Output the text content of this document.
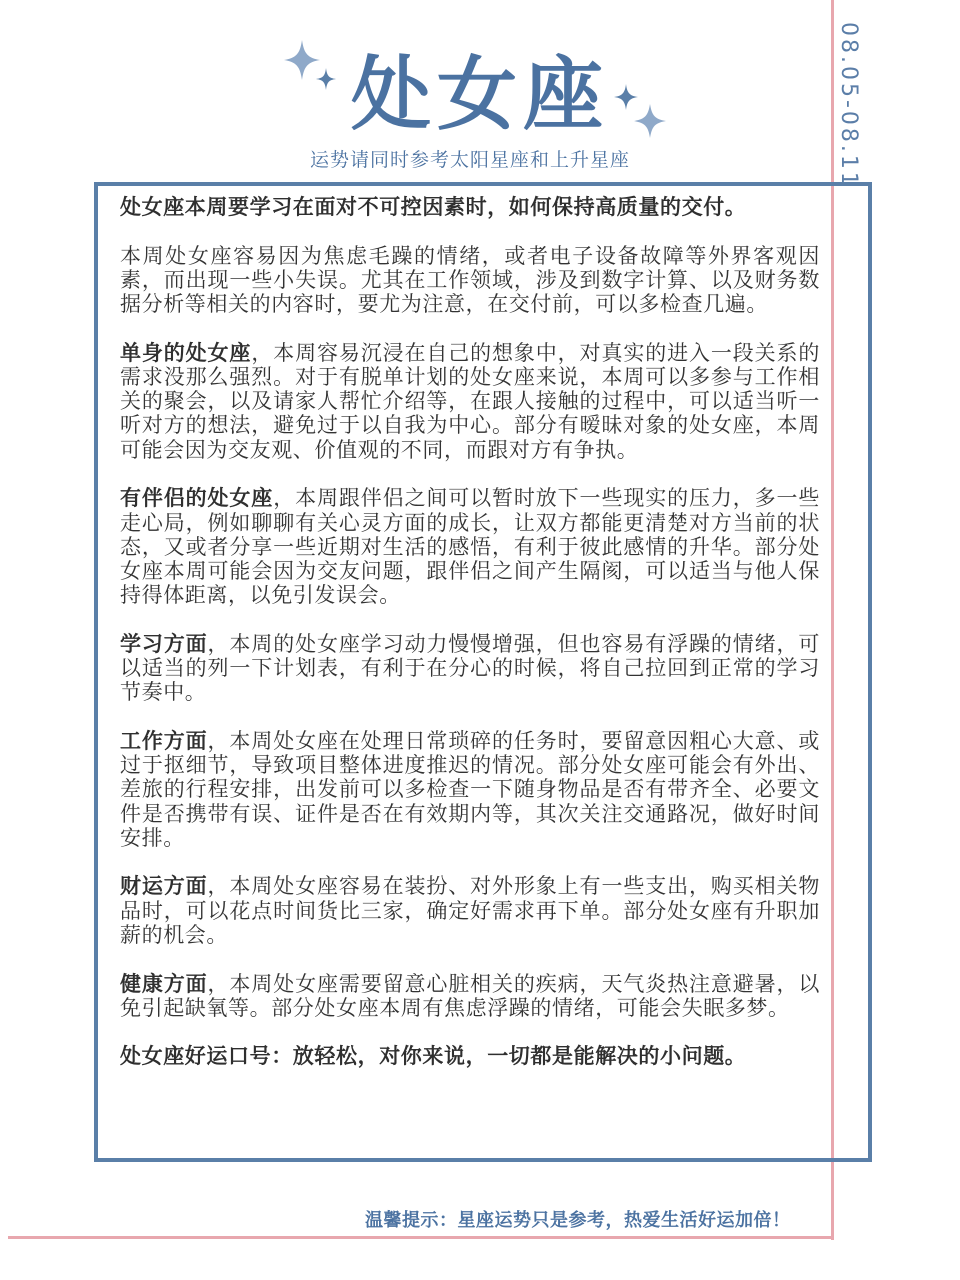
08.05-08.11
处女座
运势请同时参考太阳星座和上升星座

处女座本周要学习在面对不可控因素时，如何保持高质量的交付。

本周处女座容易因为焦虑毛躁的情绪，或者电子设备故障等外界客观因素，而出现一些小失误。尤其在工作领域，涉及到数字计算、以及财务数据分析等相关的内容时，要尤为注意，在交付前，可以多检查几遍。

单身的处女座，本周容易沉浸在自己的想象中，对真实的进入一段关系的需求没那么强烈。对于有脱单计划的处女座来说，本周可以多参与工作相关的聚会，以及请家人帮忙介绍等，在跟人接触的过程中，可以适当听一听对方的想法，避免过于以自我为中心。部分有暧昧对象的处女座，本周可能会因为交友观、价值观的不同，而跟对方有争执。

有伴侣的处女座，本周跟伴侣之间可以暂时放下一些现实的压力，多一些走心局，例如聊聊有关心灵方面的成长，让双方都能更清楚对方当前的状态，又或者分享一些近期对生活的感悟，有利于彼此感情的升华。部分处女座本周可能会因为交友问题，跟伴侣之间产生隔阂，可以适当与他人保持得体距离，以免引发误会。

学习方面，本周的处女座学习动力慢慢增强，但也容易有浮躁的情绪，可以适当的列一下计划表，有利于在分心的时候，将自己拉回到正常的学习节奏中。

工作方面，本周处女座在处理日常琐碎的任务时，要留意因粗心大意、或过于抠细节，导致项目整体进度推迟的情况。部分处女座可能会有外出、差旅的行程安排，出发前可以多检查一下随身物品是否有带齐全、必要文件是否携带有误、证件是否在有效期内等，其次关注交通路况，做好时间安排。

财运方面，本周处女座容易在装扮、对外形象上有一些支出，购买相关物品时，可以花点时间货比三家，确定好需求再下单。部分处女座有升职加薪的机会。

健康方面，本周处女座需要留意心脏相关的疾病，天气炎热注意避暑，以免引起缺氧等。部分处女座本周有焦虑浮躁的情绪，可能会失眠多梦。

处女座好运口号：放轻松，对你来说，一切都是能解决的小问题。

温馨提示：星座运势只是参考，热爱生活好运加倍！
